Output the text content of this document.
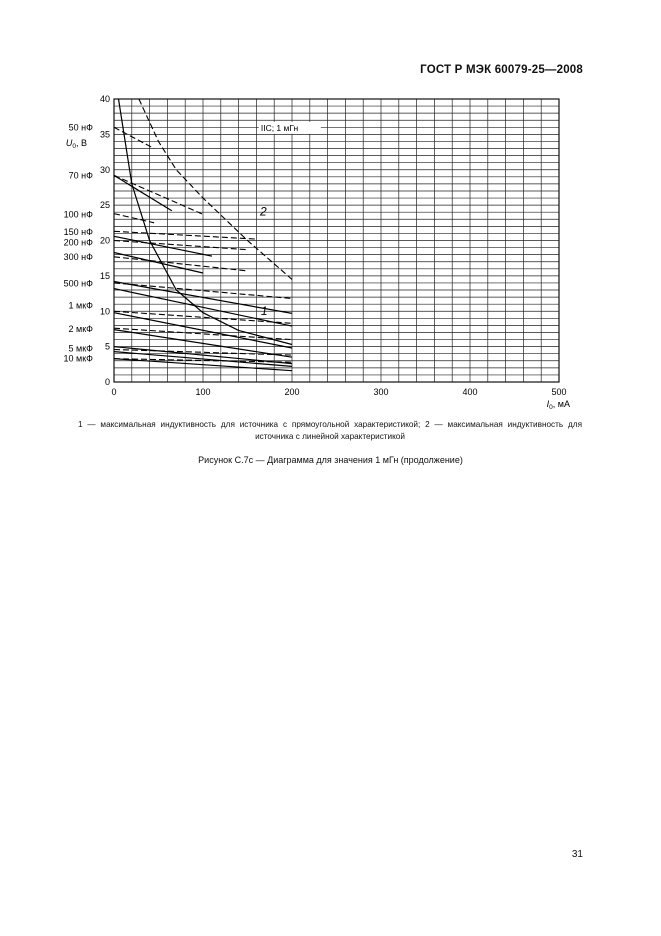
ГОСТ Р МЭК 60079-25—2008
0	100	200	300	400	500
0
5
10
15
20
25
30
35
40
$U_0$, В
$I_0$, мА
50 нФ
70 нФ
100 нФ
150 нФ
200 нФ
300 нФ
500 нФ
1 мкФ
2 мкФ
5 мкФ
10 мкФ
IIC; 1 мГн
1
2
1 — максимальная индуктивность для источника с прямоугольной характеристикой; 2 — максимальная индуктивность для источника с линейной характеристикой
Рисунок С.7с — Диаграмма для значения 1 мГн (продолжение)
31
